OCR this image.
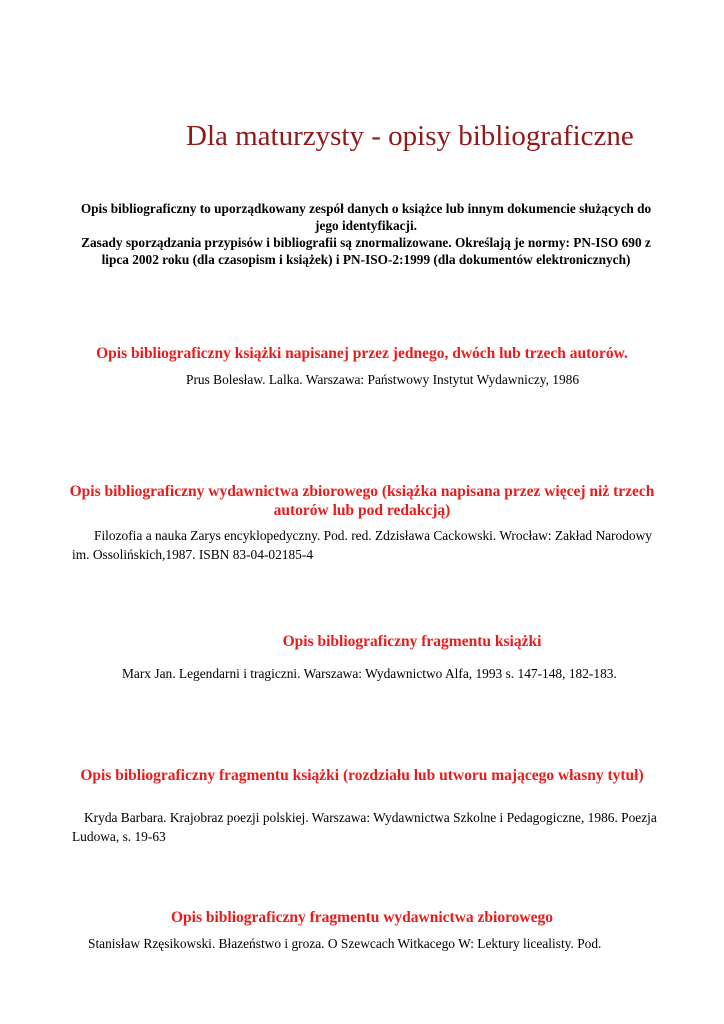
Dla maturzysty - opisy bibliograficzne

Opis bibliograficzny to uporządkowany zespół danych o książce lub innym dokumencie służących do jego identyfikacji.

Zasady sporządzania przypisów i bibliografii są znormalizowane. Określają je normy: PN-ISO 690 z lipca 2002 roku (dla czasopism i książek) i PN-ISO-2:1999 (dla dokumentów elektronicznych)

Opis bibliograficzny książki napisanej przez jednego, dwóch lub trzech autorów.
Prus Bolesław. Lalka. Warszawa: Państwowy Instytut Wydawniczy, 1986
Opis bibliograficzny wydawnictwa zbiorowego (książka napisana przez więcej niż trzech autorów lub pod redakcją)
Filozofia a nauka Zarys encyklopedyczny. Pod. red. Zdzisława Cackowski. Wrocław: Zakład Narodowy im. Ossolińskich,1987. ISBN 83-04-02185-4
Opis bibliograficzny fragmentu książki
Marx Jan. Legendarni i tragiczni. Warszawa: Wydawnictwo Alfa, 1993 s. 147-148, 182-183.
Opis bibliograficzny fragmentu książki (rozdziału lub utworu mającego własny tytuł)
Kryda Barbara. Krajobraz poezji polskiej. Warszawa: Wydawnictwa Szkolne i Pedagogiczne, 1986. Poezja Ludowa, s. 19-63
Opis bibliograficzny fragmentu wydawnictwa zbiorowego
Stanisław Rzęsikowski. Błazeństwo i groza. O Szewcach Witkacego W: Lektury licealisty. Pod.
